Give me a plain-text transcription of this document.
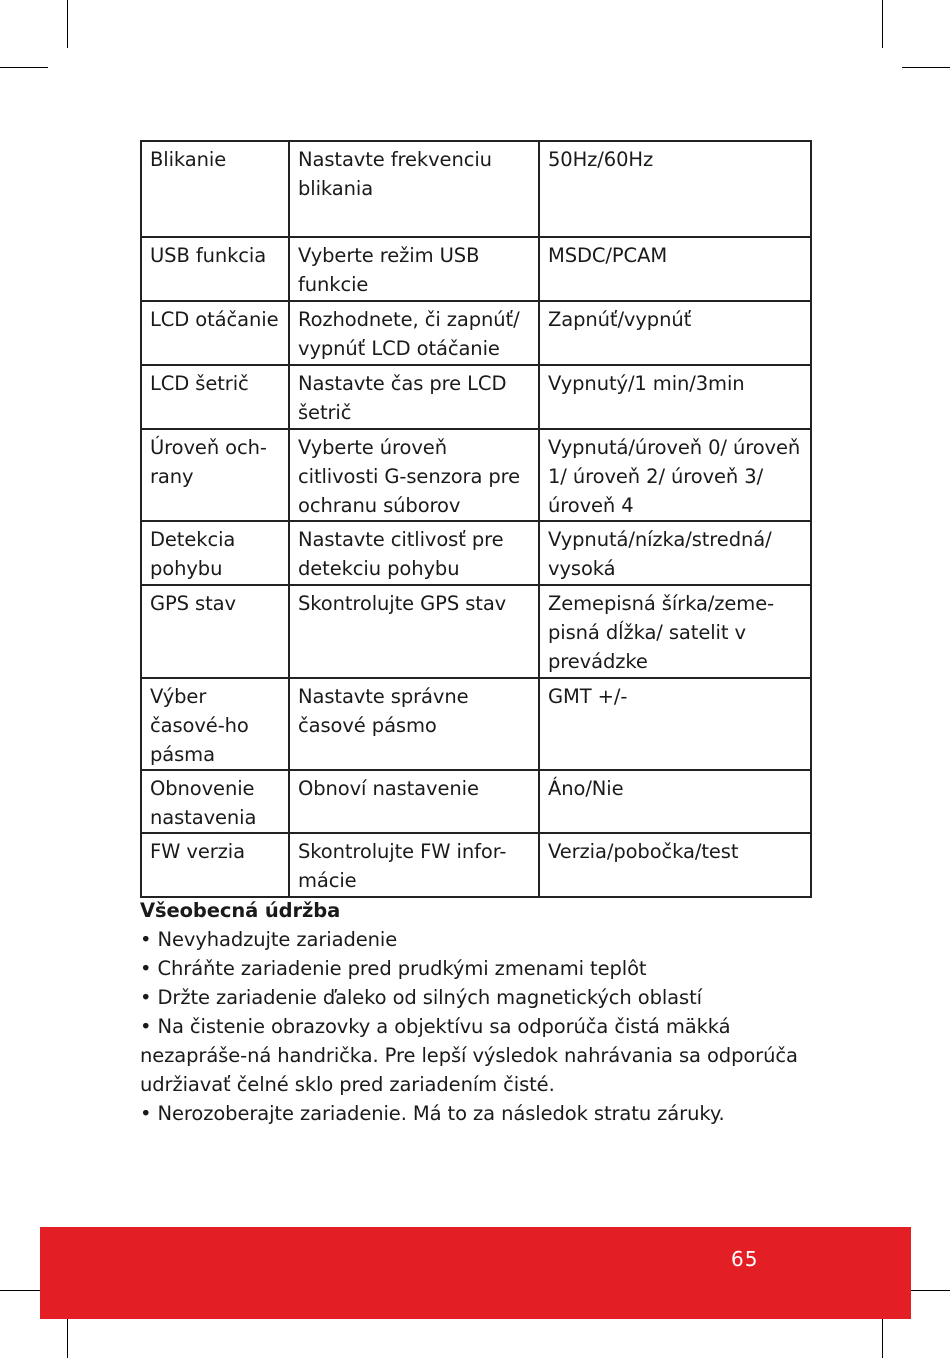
Blikanie	Nastavte frekvenciu blikania	50Hz/60Hz
USB funkcia	Vyberte režim USB funkcie	MSDC/PCAM
LCD otáčanie	Rozhodnete, či zapnúť/ vypnúť LCD otáčanie	Zapnúť/vypnúť
LCD šetrič	Nastavte čas pre LCD šetrič	Vypnutý/1 min/3min
Úroveň och-rany	Vyberte úroveň citlivosti G-senzora pre ochranu súborov	Vypnutá/úroveň 0/ úroveň 1/ úroveň 2/ úroveň 3/ úroveň 4
Detekcia pohybu	Nastavte citlivosť pre detekciu pohybu	Vypnutá/nízka/stredná/ vysoká
GPS stav	Skontrolujte GPS stav	Zemepisná šírka/zeme-pisná dĺžka/ satelit v prevádzke
Výber časové-ho pásma	Nastavte správne časové pásmo	GMT +/-
Obnovenie nastavenia	Obnoví nastavenie	Áno/Nie
FW verzia	Skontrolujte FW infor-mácie	Verzia/pobočka/test
Všeobecná údržba

• Nevyhadzujte zariadenie

• Chráňte zariadenie pred prudkými zmenami teplôt

• Držte zariadenie ďaleko od silných magnetických oblastí

• Na čistenie obrazovky a objektívu sa odporúča čistá mäkká nezapráše-ná handrička. Pre lepší výsledok nahrávania sa odporúča udržiavať čelné sklo pred zariadením čisté.

• Nerozoberajte zariadenie. Má to za následok stratu záruky.

65
